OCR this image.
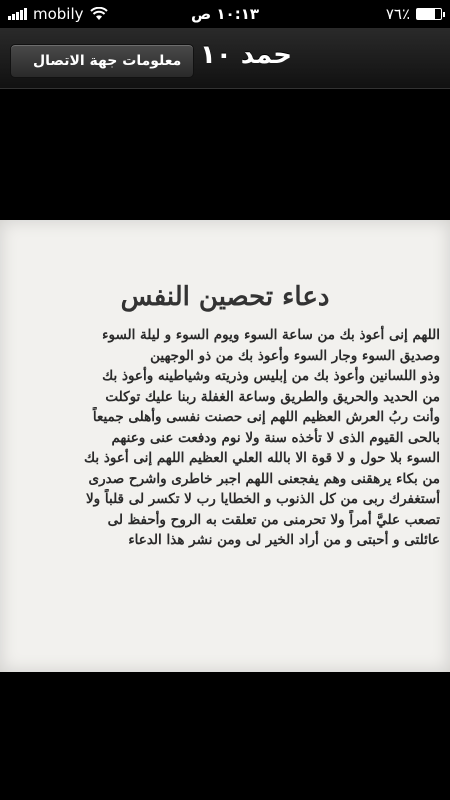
mobily	١٠:١٣ ص	٧٦٪
معلومات جهة الاتصال حمد ١٠
دعاء تحصين النفس
اللهم إنى أعوذ بك من ساعة السوء ويوم السوء و ليلة السوء
وصديق السوء وجار السوء وأعوذ بك من ذو الوجهين
وذو اللسانين وأعوذ بك من إبليس وذريته وشياطينه وأعوذ بك
من الحديد والحريق والطريق وساعة الغفلة ربنا عليك توكلت
وأنت ربُ العرش العظيم اللهم إنى حصنت نفسى وأهلى جميعاً
بالحى القيوم الذى لا تأخذه سنة ولا نوم ودفعت عنى وعنهم
السوء بلا حول و لا قوة الا بالله العلي العظيم اللهم إنى أعوذ بك
من بكاء يرهقنى وهم يفجعنى اللهم اجبر خاطرى واشرح صدرى
أستغفرك ربى من كل الذنوب و الخطايا رب لا تكسر لى قلباً ولا
تصعب عليَّ أمراً ولا تحرمنى من تعلقت به الروح وأحفظ لى
عائلتى و أحبتى و من أراد الخير لى ومن نشر هذا الدعاء
